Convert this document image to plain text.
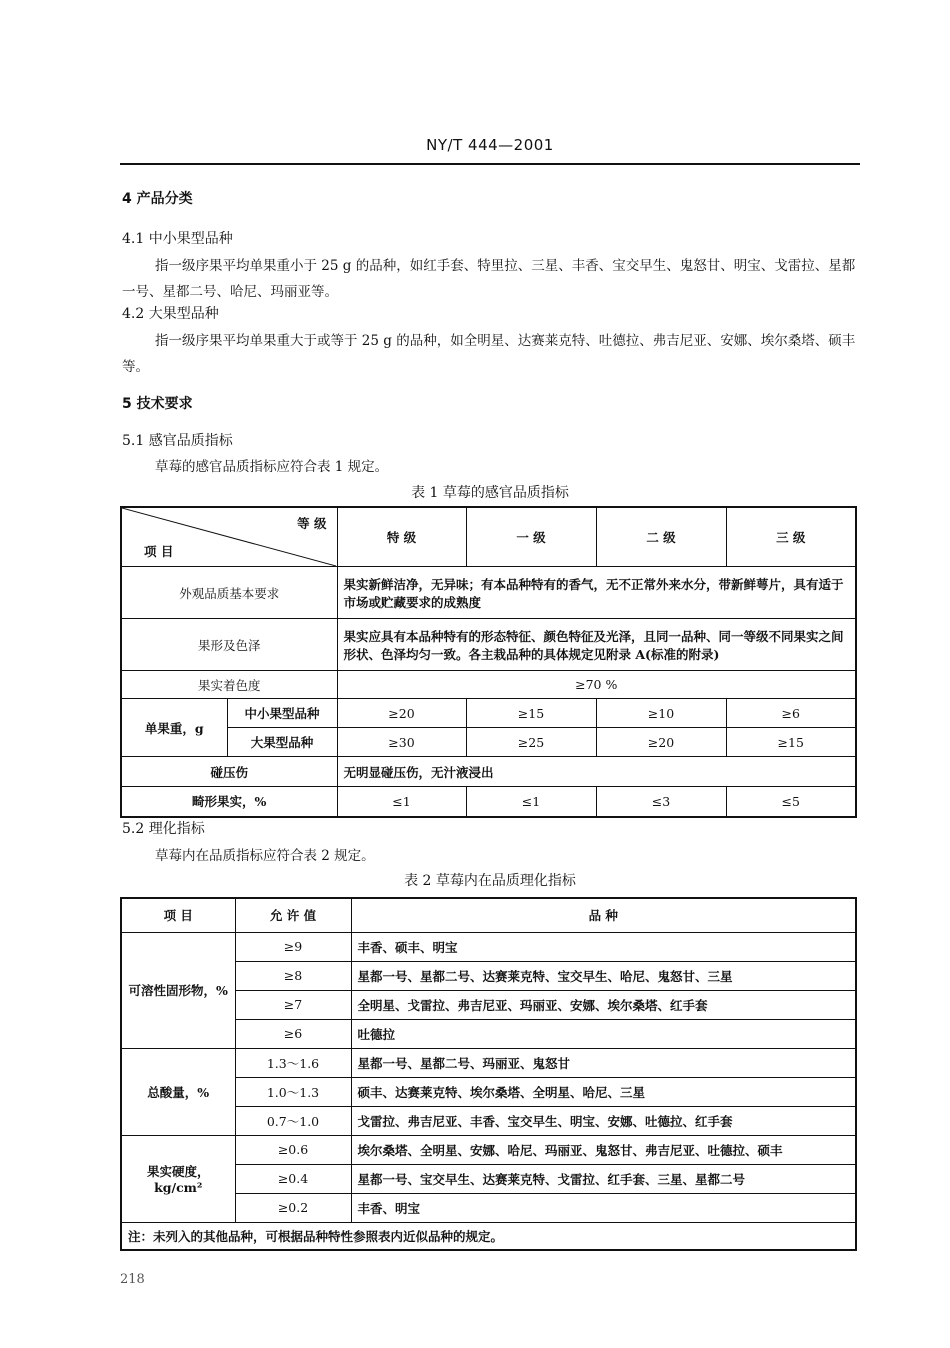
NY/T 444—2001
4 产品分类
4.1 中小果型品种
指一级序果平均单果重小于 25 g 的品种，如红手套、特里拉、三星、丰香、宝交早生、鬼怒甘、明宝、戈雷拉、星都一号、星都二号、哈尼、玛丽亚等。
4.2 大果型品种
指一级序果平均单果重大于或等于 25 g 的品种，如全明星、达赛莱克特、吐德拉、弗吉尼亚、安娜、埃尔桑塔、硕丰等。
5 技术要求
5.1 感官品质指标
草莓的感官品质指标应符合表 1 规定。
表 1 草莓的感官品质指标
等 级
项 目		特 级	一 级	二 级	三 级
外观品质基本要求		果实新鲜洁净，无异味；有本品种特有的香气，无不正常外来水分，带新鲜萼片，具有适于市场或贮藏要求的成熟度			
果形及色泽		果实应具有本品种特有的形态特征、颜色特征及光泽，且同一品种、同一等级不同果实之间形状、色泽均匀一致。各主栽品种的具体规定见附录 A(标准的附录)			
果实着色度		≥70 %			
单果重，g	中小果型品种	≥20	≥15	≥10	≥6
	大果型品种	≥30	≥25	≥20	≥15
碰压伤		无明显碰压伤，无汁液浸出			
畸形果实，%		≤1	≤1	≤3	≤5
5.2 理化指标
草莓内在品质指标应符合表 2 规定。
表 2 草莓内在品质理化指标
项 目	允 许 值	品 种
可溶性固形物，%	≥9	丰香、硕丰、明宝
	≥8	星都一号、星都二号、达赛莱克特、宝交早生、哈尼、鬼怒甘、三星
	≥7	全明星、戈雷拉、弗吉尼亚、玛丽亚、安娜、埃尔桑塔、红手套
	≥6	吐德拉
总酸量，%	1.3～1.6	星都一号、星都二号、玛丽亚、鬼怒甘
	1.0～1.3	硕丰、达赛莱克特、埃尔桑塔、全明星、哈尼、三星
	0.7～1.0	戈雷拉、弗吉尼亚、丰香、宝交早生、明宝、安娜、吐德拉、红手套
果实硬度，kg/cm²	≥0.6	埃尔桑塔、全明星、安娜、哈尼、玛丽亚、鬼怒甘、弗吉尼亚、吐德拉、硕丰
	≥0.4	星都一号、宝交早生、达赛莱克特、戈雷拉、红手套、三星、星都二号
	≥0.2	丰香、明宝
注：未列入的其他品种，可根据品种特性参照表内近似品种的规定。		
218
